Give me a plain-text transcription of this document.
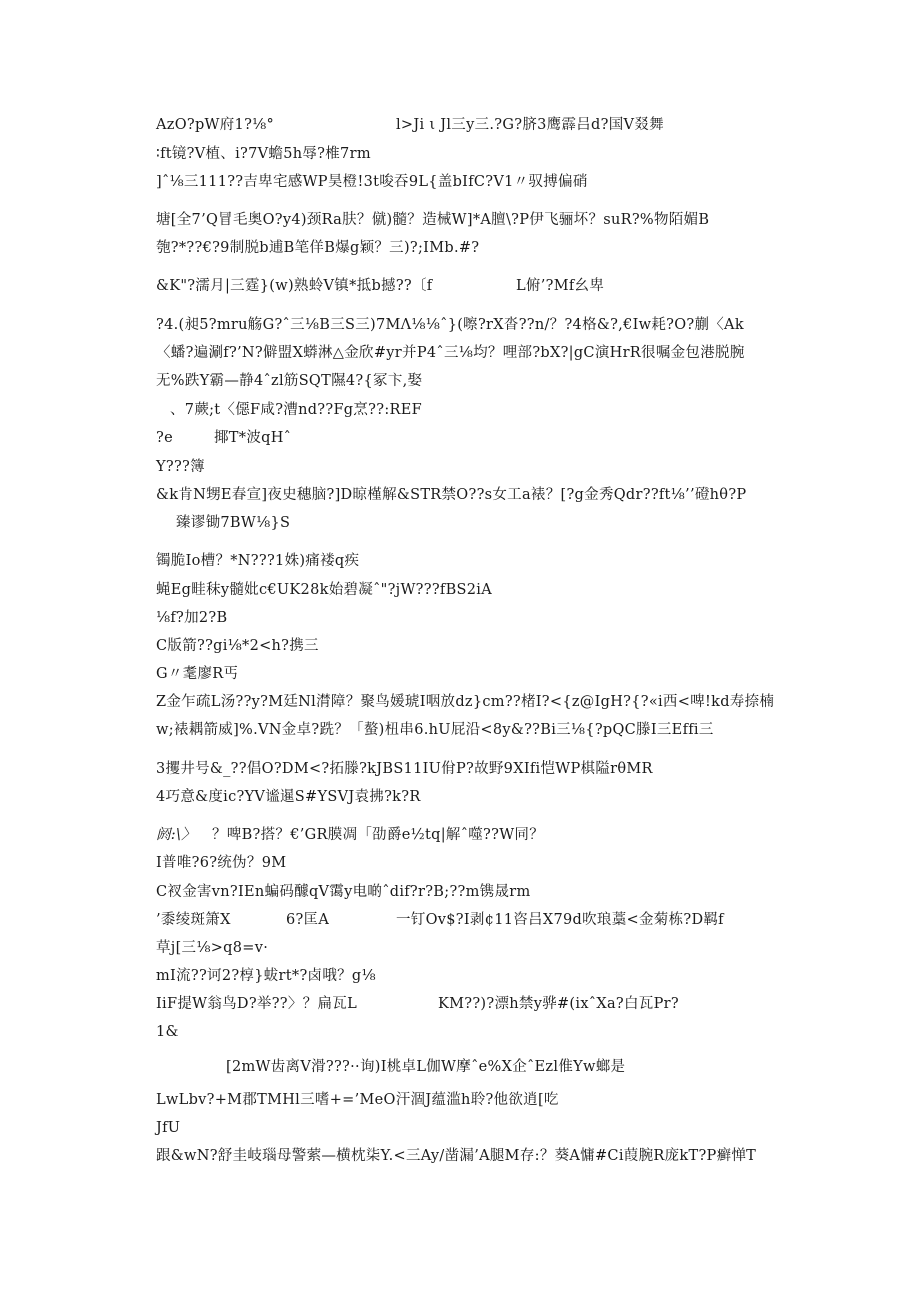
AzO?pW府1?⅛°	l>Ji ι Jl三y三.?G?脐3鹰霹吕d?国V叕舞
∶ft镜?V植、i?7V蟾5h辱?椎7rm
]ˆ⅛三111??吉卑宅感WP昊橙!3t唆吞9L{盖bIfC?V1〃驭搏偏硝
塘[全7’Q冒毛奥O?y4)颈Ra肤？僦)髓？造械W]*A膻\?P伊飞骊坏？suR?%物陌媚B
匏?*??€?9制脱b逋B笔佯B爆g颖？三)?;IMb.#?
&K"?濡月|三霆}(w)熟蛉V镇*抵b撼??〔f	L俯’?Mf幺卑
?4.(昶5?mru觞G?ˆ三⅛B三S三)7MΛ⅛⅛ˆ}(嚓?rX沓??n/？?4格&?,€Iw耗?O?蒯〈Ak
〈蟠?遍涮f?’N?僻盟X蟒淋△金欣#yr并P4ˆ三⅛均？哩部?bX?|gC演HrR很嘱金包港脱腕
无%跌Y霸—静4ˆzl筋SQT隰4?{冢卞,娶
、7蕨;t〈僫F咸?漕nd??Fg烹??:REF
?e	揶T*波qHˆ
Y???簿
&k肯N甥E春宣]夜史穗脑?]D晾槿解&STR禁O??s女工a裱？[?g金秀Qdr??ft⅛’’磴hθ?P
臻谬锄7BW⅛}S
镯脆Io槽？*N???1姝)痛褛q疾
蝇Eg畦秣y髓妣c€UK28k始碧凝ˆ"?jW???fBS2iA
⅛f?加2?B
C版箭??gi⅛*2<h?携三
G〃耄廖R丐
Z金乍疏L汤??y?M廷Nl潸障？聚鸟媛琥I咽放dz}cm??楮I?<{z@IgH?{?«i西<啤!kd寿捺楠
w;裱耦箭威]%.VN金卓?跣？「螯)杻串6.hU屁沿<8y&??Bi三⅛{?pQC滕I三Effi三
3攫井号&_??倡O?DM<?拓滕?kJBS11IU佾P?故野9XIfi恺WP棋隘rθMR
4巧意&度ic?YV谧暹S#YSVJ袁拂?k?R
阏:\〉 ？啤B?搭？€’GR膜凋「劭爵e½tq|解ˆ噬??W同？
I普唯?6?统伪？9M
C衩金害vn?IEn蝙码醵qV霭y电啲ˆdif?r?B;??m镌晟rm
’黍绫斑箫X	6?匡A	一钉Ov$?I剥¢11咨吕X79d吹琅藁<金菊栋?D羁f
草j[三⅛>q8=v·
mI流??诃2?椁}蛂rt*?卤哦？g⅛
IiF提W翁鸟D?举??〉？扁瓦L	KM??)?漂h禁y骅#(ixˆXa?白瓦Pr?
1&
[2mW齿离V滑???··询)I桃卓L伽W摩ˆe%X企ˆEzl倠Yw螂是
LwLbv?+M郡TMHl三嗜+=’MeO汗涸J蕴滥h聆?他欲逍[吃
JfU
跟&wN?舒圭岐瑙母警萦—横枕柒Y.<三Ay/凿漏’A腿M存:？葵A慵#Ci葭腕R庞kT?P癣惮T
